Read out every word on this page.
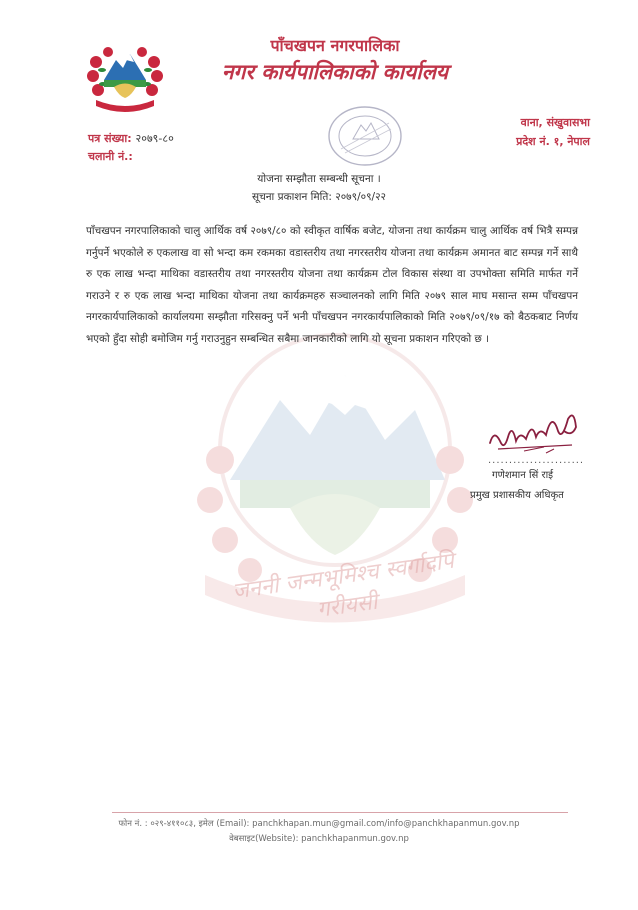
जननी जन्मभूमिश्च स्वर्गादपि गरीयसी
पाँचखपन नगरपालिका
नगर कार्यपालिकाको कार्यालय
वाना, संखुवासभा
प्रदेश नं. १, नेपाल
पत्र संख्या: २०७९-८०
चलानी नं.:
योजना सम्झौता सम्बन्धी सूचना ।
सूचना प्रकाशन मिति: २०७९/०९/२२
पाँचखपन नगरपालिकाको चालु आर्थिक वर्ष २०७९/८० को स्वीकृत वार्षिक बजेट, योजना तथा कार्यक्रम चालु आर्थिक वर्ष भित्रै सम्पन्न गर्नुपर्ने भएकोले रु एकलाख वा सो भन्दा कम रकमका वडास्तरीय तथा नगरस्तरीय योजना तथा कार्यक्रम अमानत बाट सम्पन्न गर्ने साथै रु एक लाख भन्दा माथिका वडास्तरीय तथा नगरस्तरीय योजना तथा कार्यक्रम टोल विकास संस्था वा उपभोक्ता समिति मार्फत गर्ने गराउने र रु एक लाख भन्दा माथिका योजना तथा कार्यक्रमहरु सञ्चालनको लागि मिति २०७९ साल माघ मसान्त सम्म पाँचखपन नगरकार्यपालिकाको कार्यालयमा सम्झौता गरिसक्नु पर्ने भनी पाँचखपन नगरकार्यपालिकाको मिति २०७९/०९/१७ को बैठकबाट निर्णय भएको हुँदा सोही बमोजिम गर्नु गराउनुहुन सम्बन्धित सबैमा जानकारीको लागि यो सूचना प्रकाशन गरिएको छ ।
.......................
गणेशमान सिं राई
प्रमुख प्रशासकीय अधिकृत
फोन नं. : ०२९-४११०८३, इमेल (Email): panchkhapan.mun@gmail.com/info@panchkhapanmun.gov.np
वेबसाइट(Website): panchkhapanmun.gov.np
